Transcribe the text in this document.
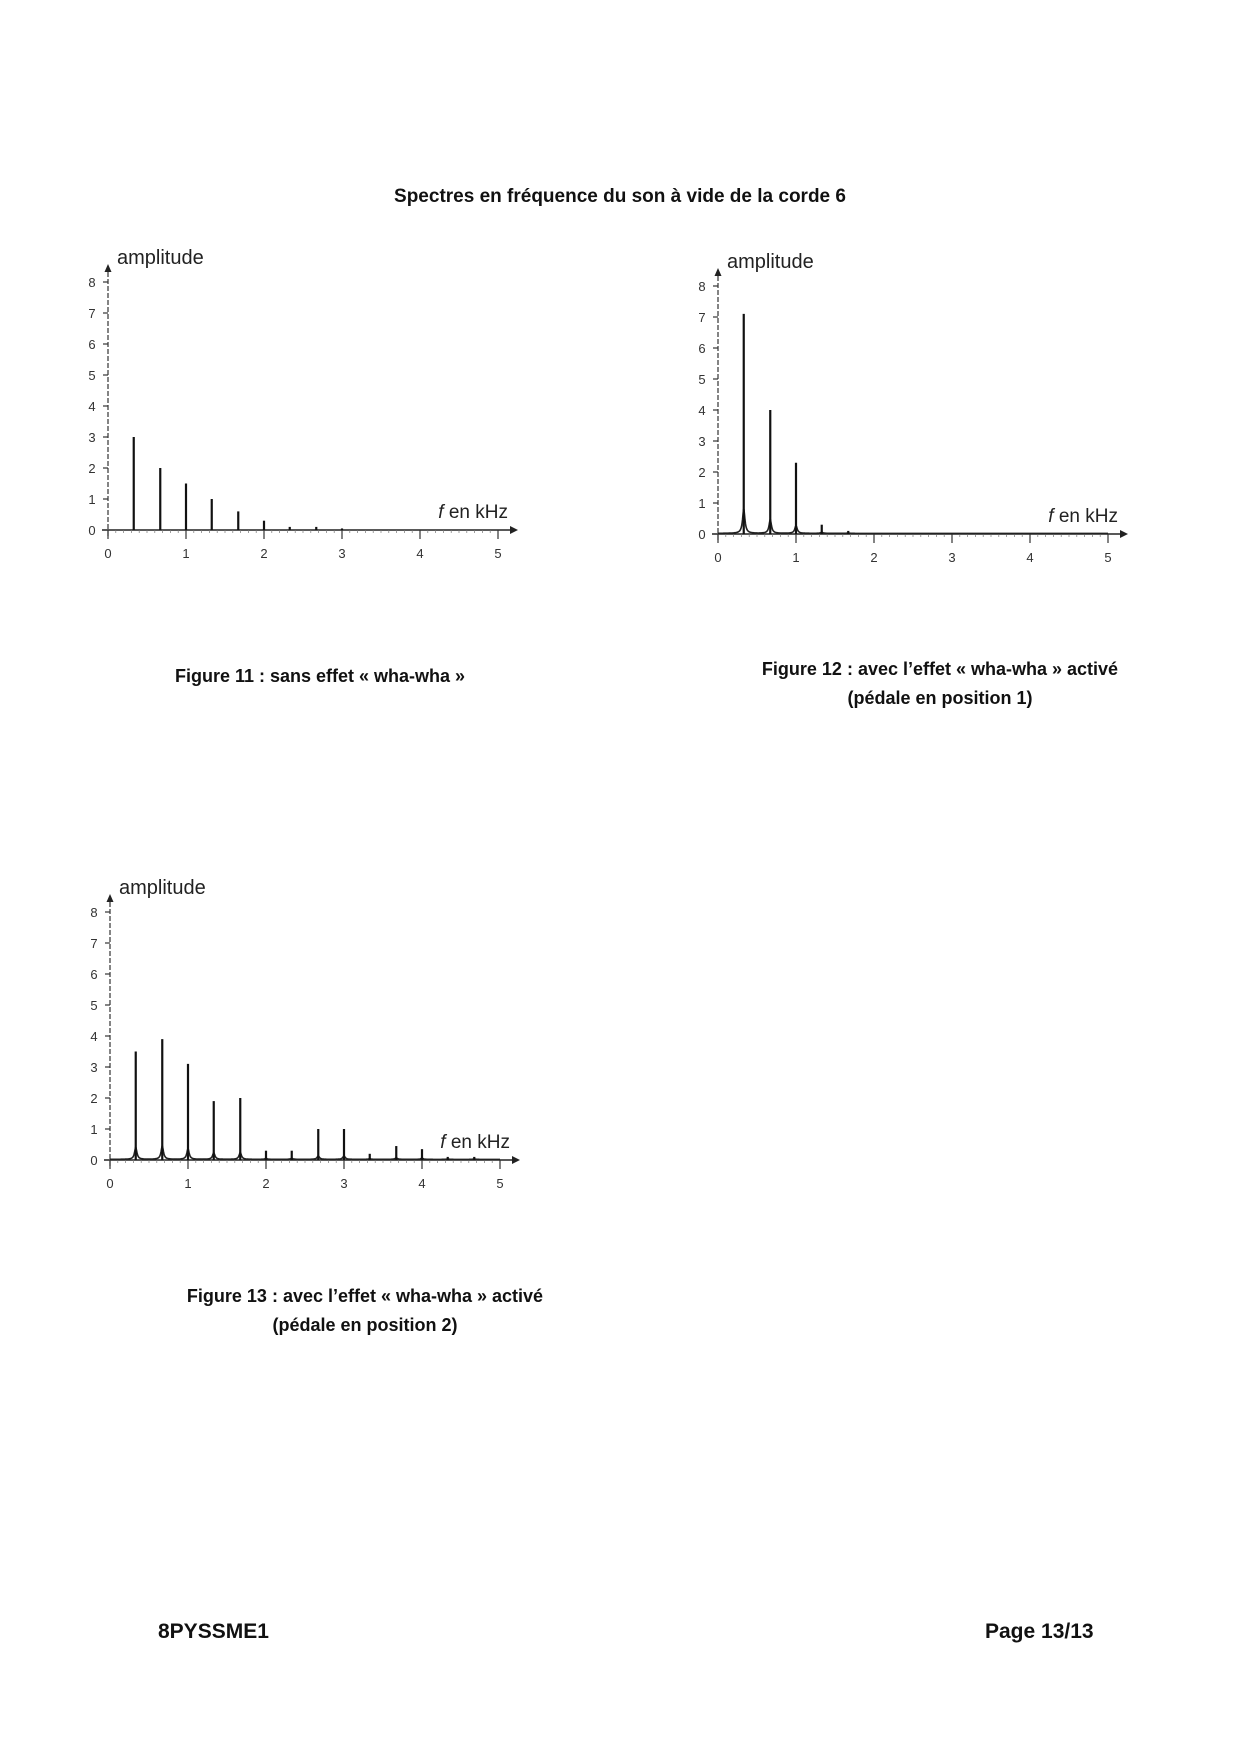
Spectres en fréquence du son à vide de la corde 6
0
1
2
3
4
5
6
7
8
0	1	2	3	4	5
amplitude
f en kHz
0
1
2
3
4
5
6
7
8
0	1	2	3	4	5
amplitude
f en kHz
0
1
2
3
4
5
6
7
8
0	1	2	3	4	5
amplitude
f en kHz
Figure 11 : sans effet « wha-wha »	Figure 12 : avec l’effet « wha-wha » activé
(pédale en position 1)
Figure 13 : avec l’effet « wha-wha » activé
(pédale en position 2)
8PYSSME1	Page 13/13
